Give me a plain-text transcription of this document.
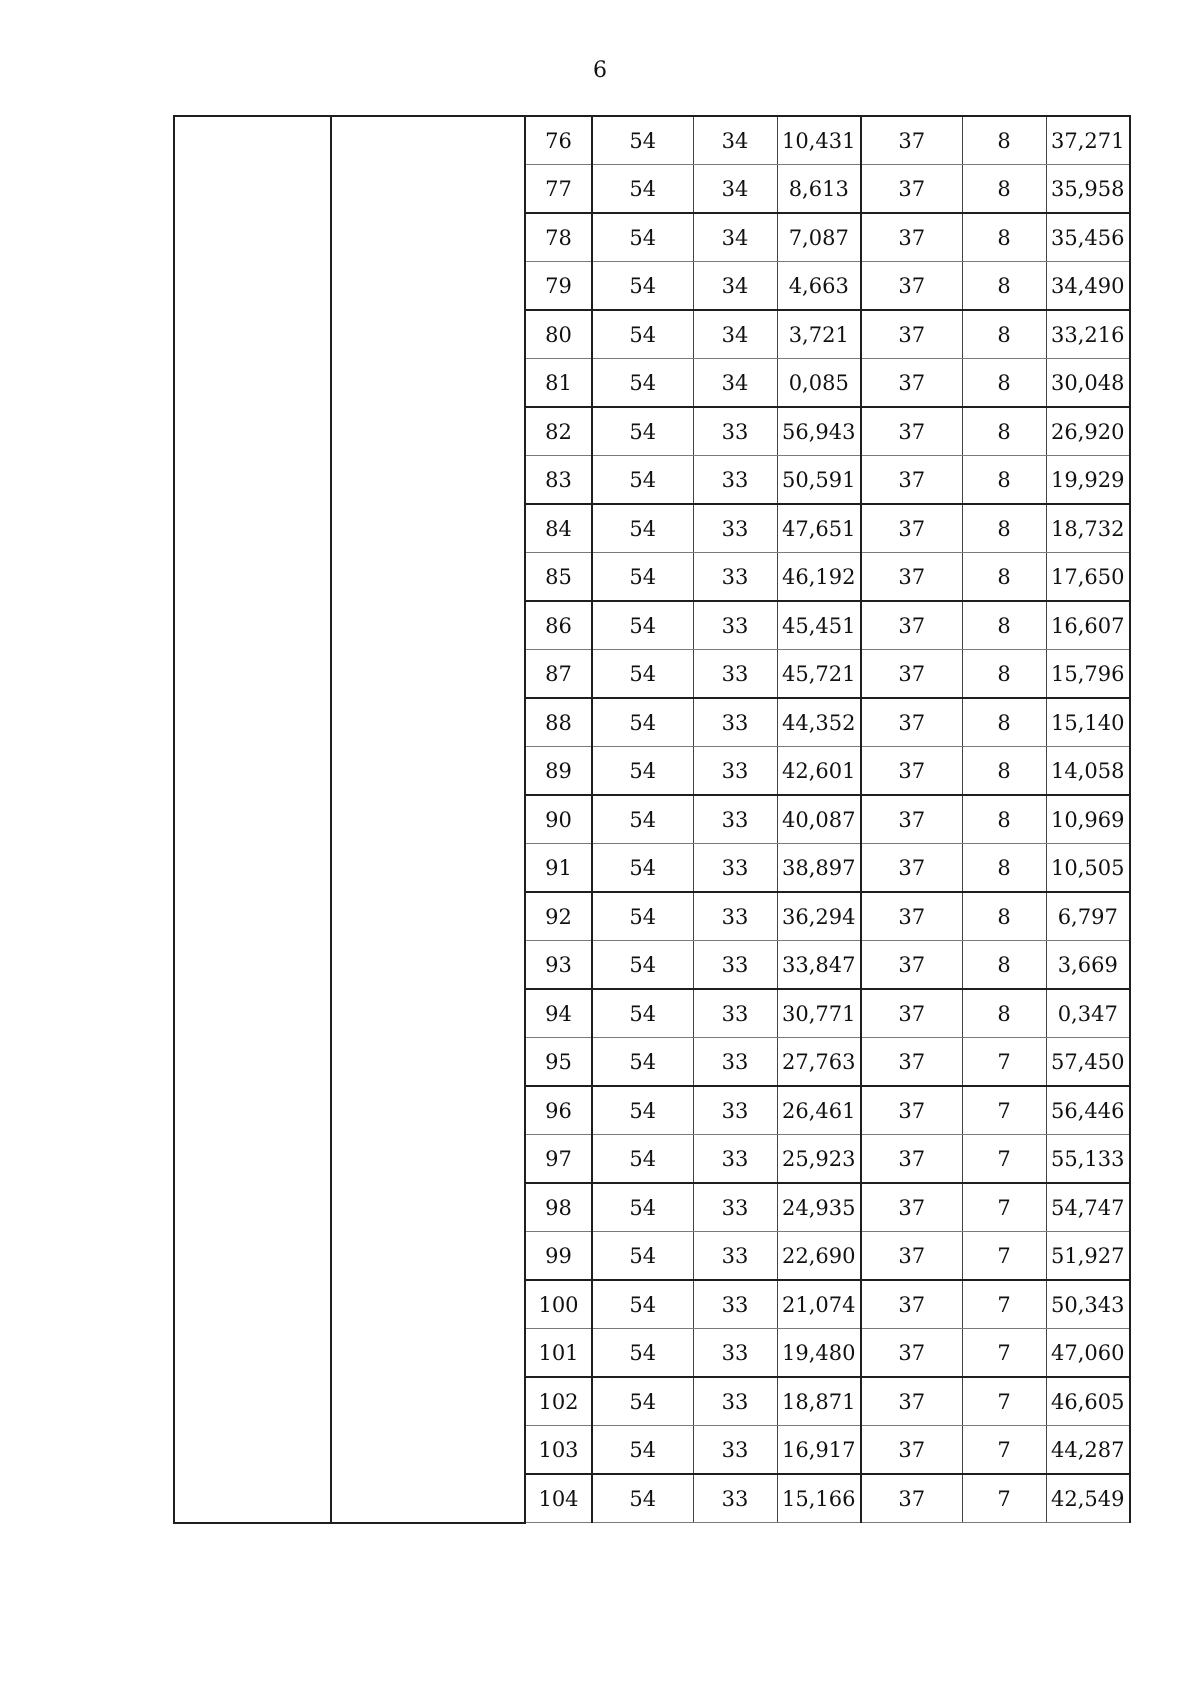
6
		76	54	34	10,431	37	8	37,271
		77	54	34	8,613	37	8	35,958
		78	54	34	7,087	37	8	35,456
		79	54	34	4,663	37	8	34,490
		80	54	34	3,721	37	8	33,216
		81	54	34	0,085	37	8	30,048
		82	54	33	56,943	37	8	26,920
		83	54	33	50,591	37	8	19,929
		84	54	33	47,651	37	8	18,732
		85	54	33	46,192	37	8	17,650
		86	54	33	45,451	37	8	16,607
		87	54	33	45,721	37	8	15,796
		88	54	33	44,352	37	8	15,140
		89	54	33	42,601	37	8	14,058
		90	54	33	40,087	37	8	10,969
		91	54	33	38,897	37	8	10,505
		92	54	33	36,294	37	8	6,797
		93	54	33	33,847	37	8	3,669
		94	54	33	30,771	37	8	0,347
		95	54	33	27,763	37	7	57,450
		96	54	33	26,461	37	7	56,446
		97	54	33	25,923	37	7	55,133
		98	54	33	24,935	37	7	54,747
		99	54	33	22,690	37	7	51,927
		100	54	33	21,074	37	7	50,343
		101	54	33	19,480	37	7	47,060
		102	54	33	18,871	37	7	46,605
		103	54	33	16,917	37	7	44,287
		104	54	33	15,166	37	7	42,549
